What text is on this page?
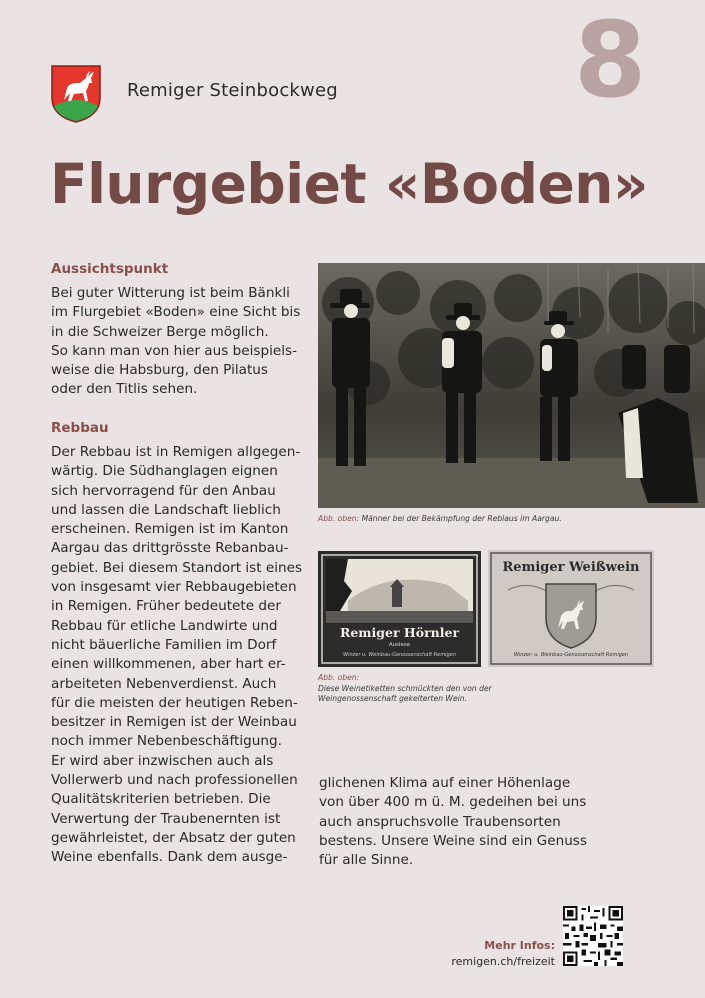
Remiger Steinbockweg 8
Flurgebiet «Boden»
Aussichtspunkt
Bei guter Witterung ist beim Bänkli
im Flurgebiet «Boden» eine Sicht bis
in die Schweizer Berge möglich.
So kann man von hier aus beispiels-
weise die Habsburg, den Pilatus
oder den Titlis sehen.
Rebbau
Der Rebbau ist in Remigen allgegen-
wärtig. Die Südhanglagen eignen
sich hervorragend für den Anbau
und lassen die Landschaft lieblich
erscheinen. Remigen ist im Kanton
Aargau das drittgrösste Rebanbau-
gebiet. Bei diesem Standort ist eines
von insgesamt vier Rebbaugebieten
in Remigen. Früher bedeutete der
Rebbau für etliche Landwirte und
nicht bäuerliche Familien im Dorf
einen willkommenen, aber hart er-
arbeiteten Nebenverdienst. Auch
für die meisten der heutigen Reben-
besitzer in Remigen ist der Weinbau
noch immer Nebenbeschäftigung.
Er wird aber inzwischen auch als
Vollerwerb und nach professionellen
Qualitätskriterien betrieben. Die
Verwertung der Traubenernten ist
gewährleistet, der Absatz der guten
Weine ebenfalls. Dank dem ausge-
glichenen Klima auf einer Höhenlage
von über 400 m ü. M. gedeihen bei uns
auch anspruchsvolle Traubensorten
bestens. Unsere Weine sind ein Genuss
für alle Sinne.
Abb. oben: Männer bei der Bekämpfung der Reblaus im Aargau.
Remiger Hörnler
Auslese
Winzer u. Weinbau-Genossenschaft Remigen
Remiger Weißwein
Winzer- u. Weinbau-Genossenschaft Remigen
Abb. oben:
Diese Weinetiketten schmückten den von der
Weingenossenschaft gekelterten Wein.
Mehr Infos:
remigen.ch/freizeit
